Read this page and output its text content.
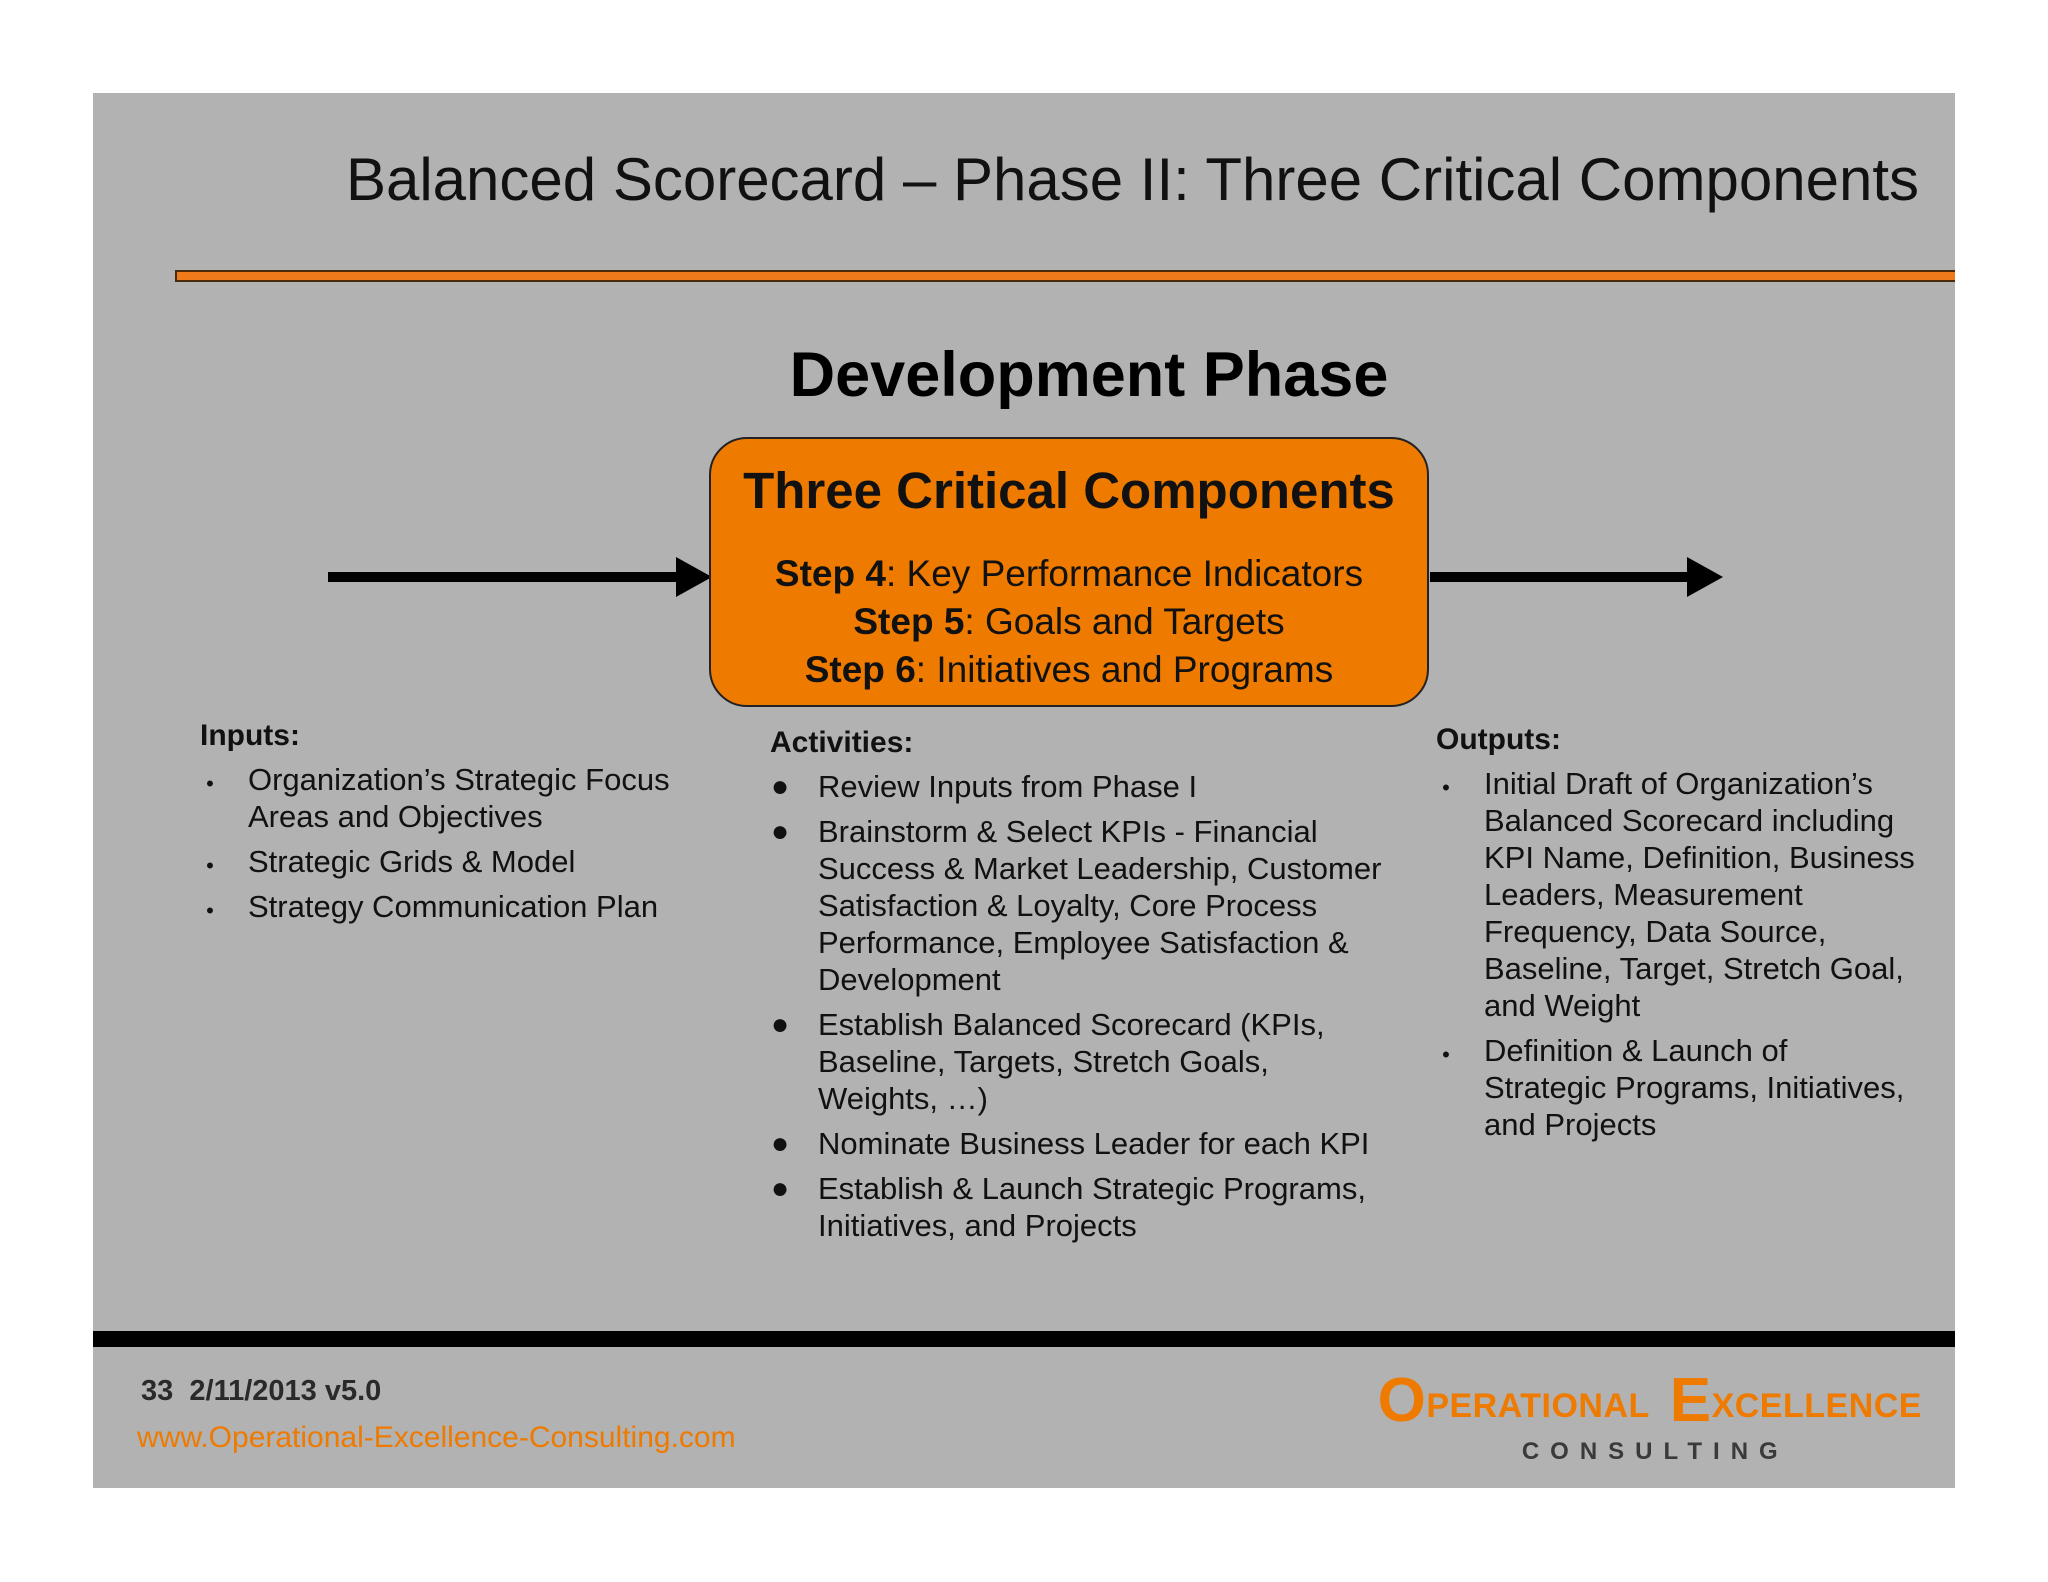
Balanced Scorecard – Phase II: Three Critical Components
Development Phase
Three Critical Components
Step 4: Key Performance Indicators
Step 5: Goals and Targets
Step 6: Initiatives and Programs
Inputs:
• Organization’s Strategic Focus Areas and Objectives
• Strategic Grids & Model
• Strategy Communication Plan
Activities:
● Review Inputs from Phase I
● Brainstorm & Select KPIs - Financial Success & Market Leadership, Customer Satisfaction & Loyalty, Core Process Performance, Employee Satisfaction & Development
● Establish Balanced Scorecard (KPIs, Baseline, Targets, Stretch Goals, Weights, …)
● Nominate Business Leader for each KPI
● Establish & Launch Strategic Programs, Initiatives, and Projects
Outputs:
• Initial Draft of Organization’s Balanced Scorecard including KPI Name, Definition, Business Leaders, Measurement Frequency, Data Source, Baseline, Target, Stretch Goal, and Weight
• Definition & Launch of Strategic Programs, Initiatives, and Projects
33 2/11/2013 v5.0
www.Operational-Excellence-Consulting.com
OPERATIONAL EXCELLENCE
CONSULTING
